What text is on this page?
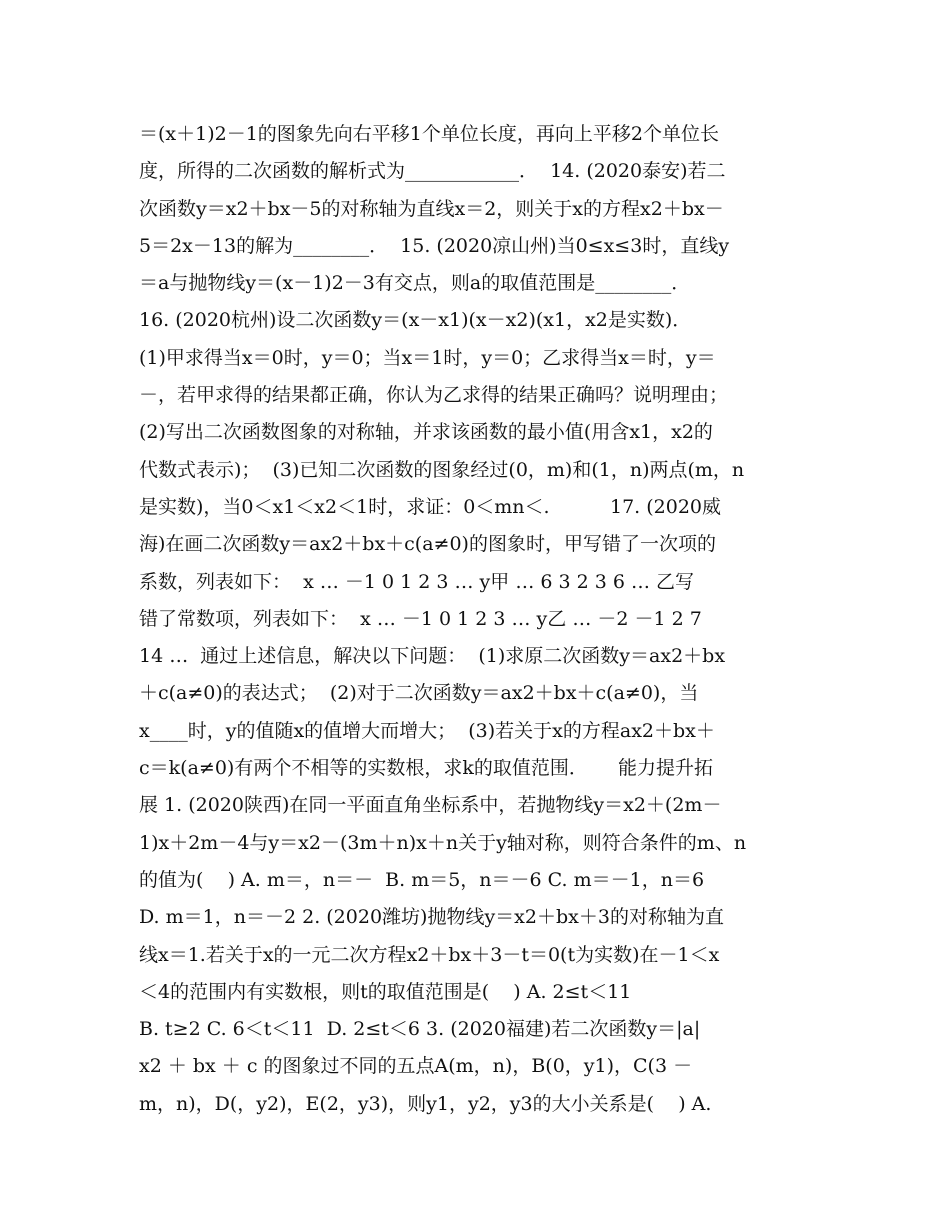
＝(x＋1)2－1的图象先向右平移1个单位长度，再向上平移2个单位长
度，所得的二次函数的解析式为____________．  14. (2020泰安)若二
次函数y＝x2＋bx－5的对称轴为直线x＝2，则关于x的方程x2＋bx－
5＝2x－13的解为________．  15. (2020凉山州)当0≤x≤3时，直线y
＝a与抛物线y＝(x－1)2－3有交点，则a的取值范围是________．
16. (2020杭州)设二次函数y＝(x－x1)(x－x2)(x1，x2是实数)．
(1)甲求得当x＝0时，y＝0；当x＝1时，y＝0；乙求得当x＝时，y＝
－，若甲求得的结果都正确，你认为乙求得的结果正确吗？说明理由；
(2)写出二次函数图象的对称轴，并求该函数的最小值(用含x1，x2的
代数式表示)；  (3)已知二次函数的图象经过(0，m)和(1，n)两点(m，n
是实数)，当0＜x1＜x2＜1时，求证：0＜mn＜.          17. (2020威
海)在画二次函数y＝ax2＋bx＋c(a≠0)的图象时，甲写错了一次项的
系数，列表如下：  x … －1 0 1 2 3 … y甲 … 6 3 2 3 6 … 乙写
错了常数项，列表如下：  x … －1 0 1 2 3 … y乙 … －2 －1 2 7
14 …  通过上述信息，解决以下问题：  (1)求原二次函数y＝ax2＋bx
＋c(a≠0)的表达式；  (2)对于二次函数y＝ax2＋bx＋c(a≠0)，当
x____时，y的值随x的值增大而增大；  (3)若关于x的方程ax2＋bx＋
c＝k(a≠0)有两个不相等的实数根，求k的取值范围．     能力提升拓
展 1. (2020陕西)在同一平面直角坐标系中，若抛物线y＝x2＋(2m－
1)x＋2m－4与y＝x2－(3m＋n)x＋n关于y轴对称，则符合条件的m、n
的值为(    ) A. m＝，n＝－  B. m＝5，n＝－6 C. m＝－1，n＝6
D. m＝1，n＝－2 2. (2020潍坊)抛物线y＝x2＋bx＋3的对称轴为直
线x＝1.若关于x的一元二次方程x2＋bx＋3－t＝0(t为实数)在－1＜x
＜4的范围内有实数根，则t的取值范围是(    ) A. 2≤t＜11
B. t≥2 C. 6＜t＜11  D. 2≤t＜6 3. (2020福建)若二次函数y＝|a|
x2 ＋ bx ＋ c 的图象过不同的五点A(m，n)，B(0，y1)，C(3 －
m，n)，D(，y2)，E(2，y3)，则y1，y2，y3的大小关系是(    ) A.
